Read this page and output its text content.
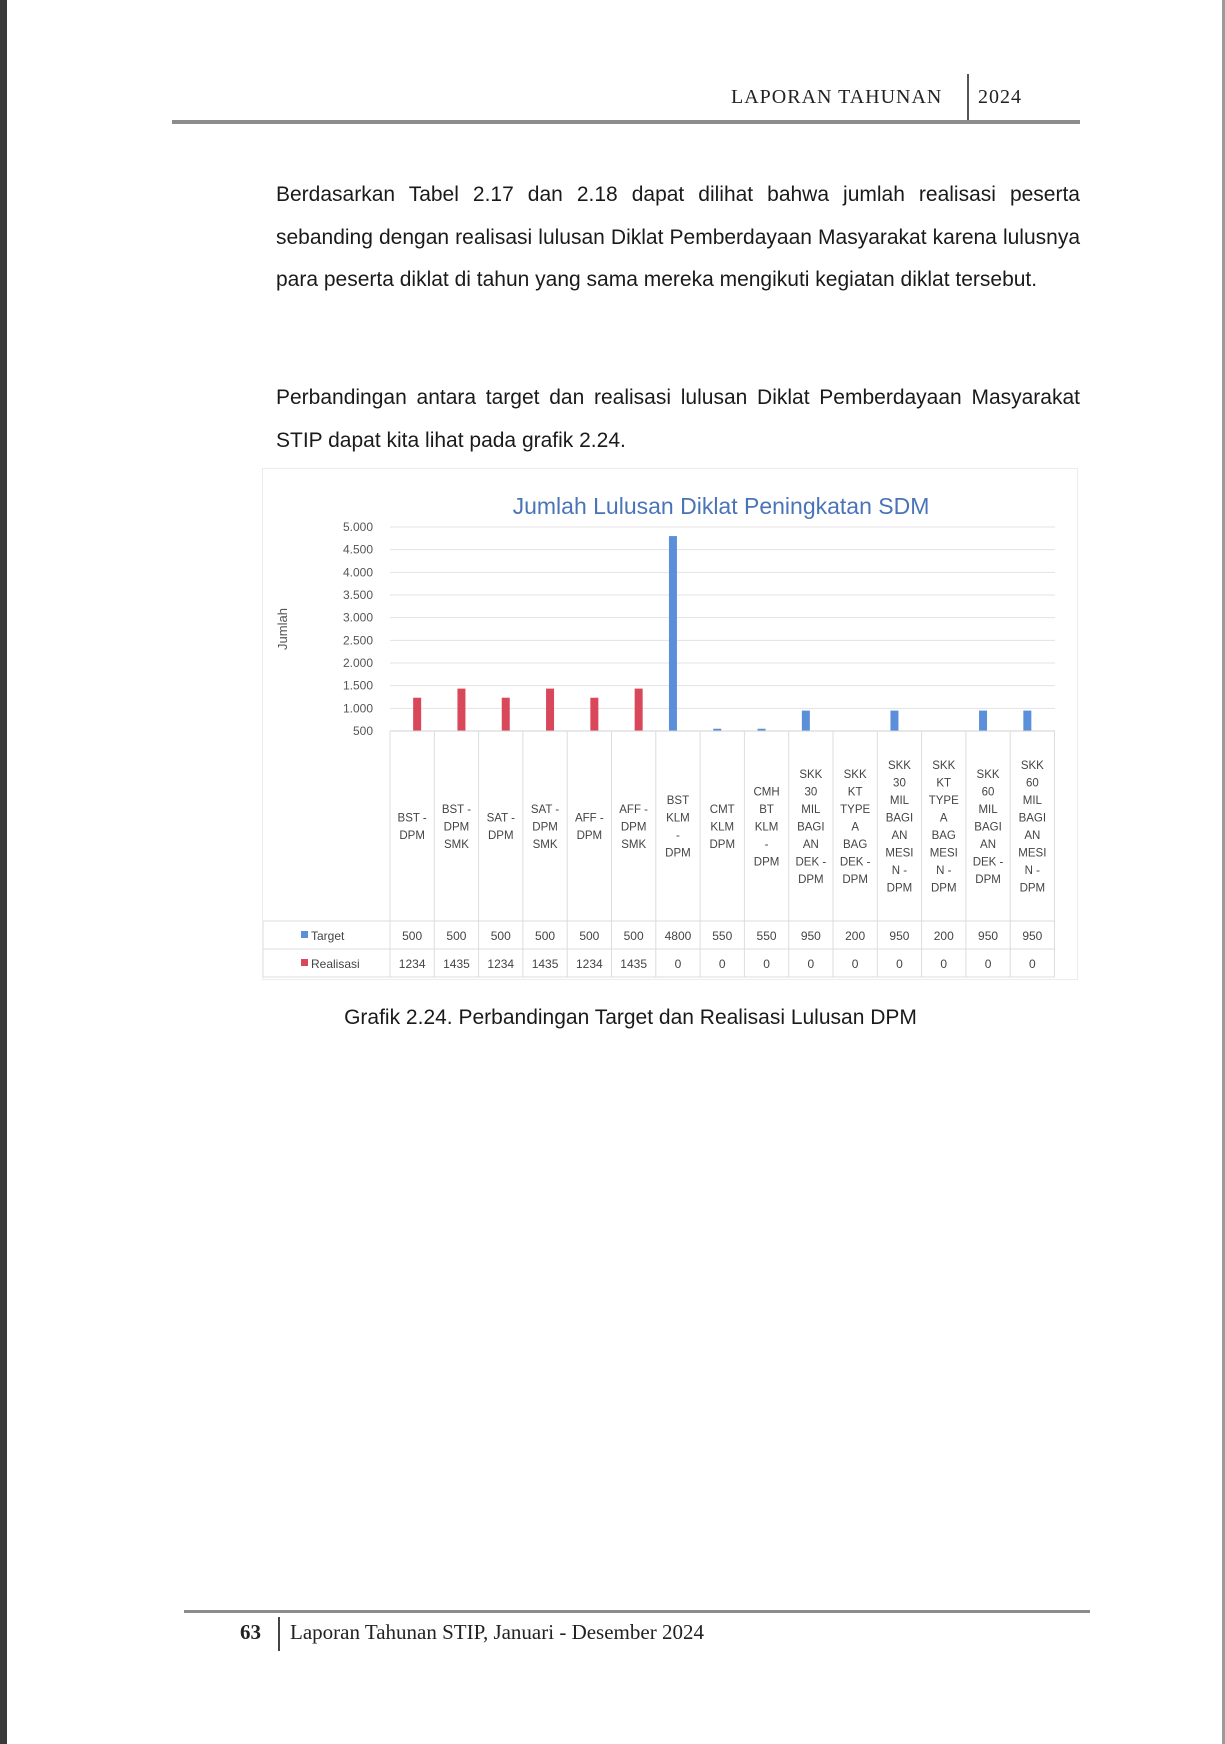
LAPORAN TAHUNAN 2024
Berdasarkan Tabel 2.17 dan 2.18 dapat dilihat bahwa jumlah realisasi peserta sebanding dengan realisasi lulusan Diklat Pemberdayaan Masyarakat karena lulusnya para peserta diklat di tahun yang sama mereka mengikuti kegiatan diklat tersebut.
Perbandingan antara target dan realisasi lulusan Diklat Pemberdayaan Masyarakat STIP dapat kita lihat pada grafik 2.24.
Jumlah Lulusan Diklat Peningkatan SDM
Jumlah
5.000
4.500
4.000
3.500
3.000
2.500
2.000
1.500
1.000
500
BST -DPM
BST -DPM SMK
SAT -DPM
SAT -DPM SMK
AFF -DPM
AFF -DPM SMK
BST KLM -DPM
CMT KLM DPM
CMH BT KLM -DPM
SKK 30 MIL BAGI AN DEK -DPM
SKK KT TYPE A BAG DEK -DPM
SKK 30 MIL BAGI AN MESI N -DPM
SKK KT TYPE A BAG MESI N -DPM
SKK 60 MIL BAGI AN DEK -DPM
SKK 60 MIL BAGI AN MESI N -DPM
Target
Realisasi
500
1234
500
1435
500
1234
500
1435
500
1234
500
1435
4800
0
550
0
550
0
950
0
200
0
950
0
200
0
950
0
950
0
Grafik 2.24. Perbandingan Target dan Realisasi Lulusan DPM
63 Laporan Tahunan STIP, Januari - Desember 2024
